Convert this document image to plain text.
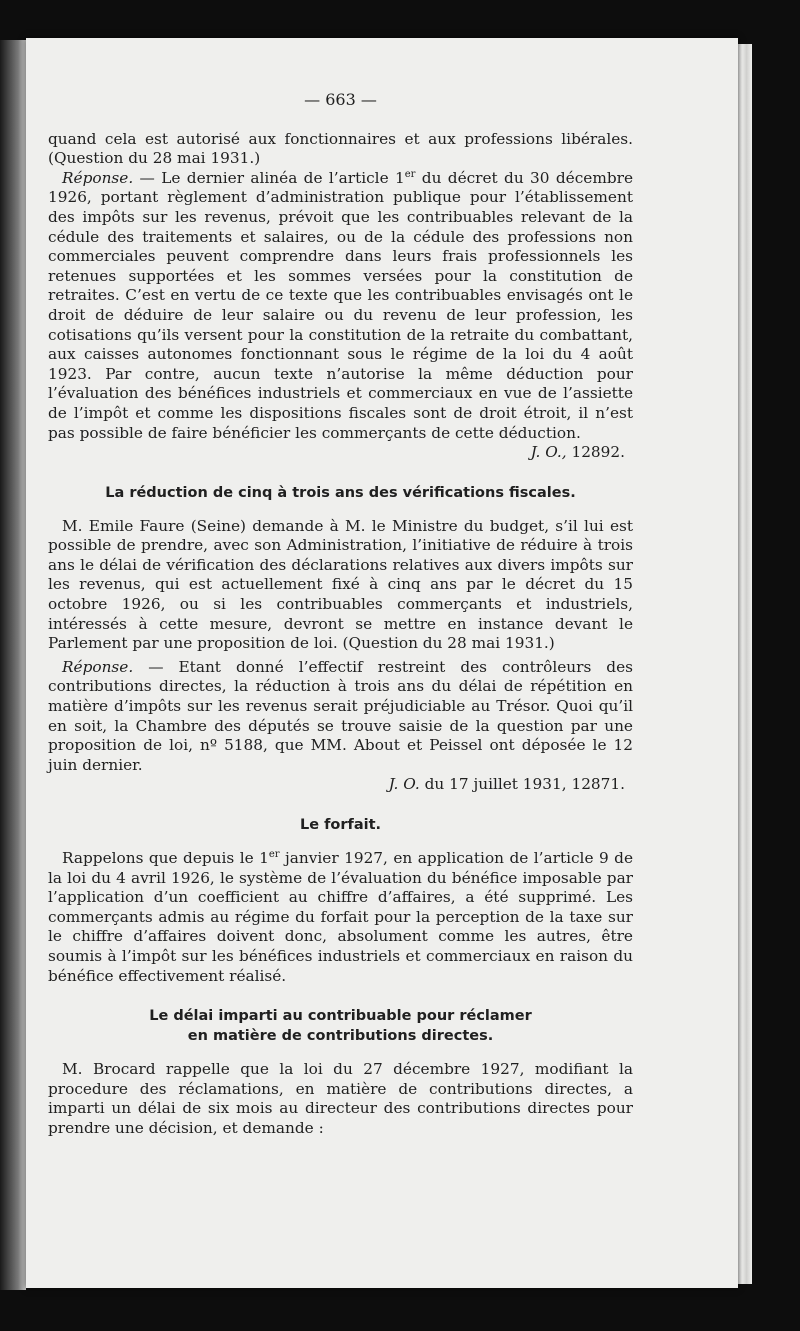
— 663 —

quand cela est autorisé aux fonctionnaires et aux professions libérales. (Question du 28 mai 1931.)

Réponse. — Le dernier alinéa de l’article 1er du décret du 30 décembre 1926, portant règlement d’administration publique pour l’établissement des impôts sur les revenus, prévoit que les contribuables relevant de la cédule des traitements et salaires, ou de la cédule des professions non commerciales peuvent comprendre dans leurs frais professionnels les retenues supportées et les sommes versées pour la constitution de retraites. C’est en vertu de ce texte que les contribuables envisagés ont le droit de déduire de leur salaire ou du revenu de leur profession, les cotisations qu’ils versent pour la constitution de la retraite du combattant, aux caisses autonomes fonctionnant sous le régime de la loi du 4 août 1923. Par contre, aucun texte n’autorise la même déduction pour l’évaluation des bénéfices industriels et commerciaux en vue de l’assiette de l’impôt et comme les dispositions fiscales sont de droit étroit, il n’est pas possible de faire bénéficier les commerçants de cette déduction.

J. O., 12892.

La réduction de cinq à trois ans des vérifications fiscales.

M. Emile Faure (Seine) demande à M. le Ministre du budget, s’il lui est possible de prendre, avec son Administration, l’initiative de réduire à trois ans le délai de vérification des déclarations relatives aux divers impôts sur les revenus, qui est actuellement fixé à cinq ans par le décret du 15 octobre 1926, ou si les contribuables commerçants et industriels, intéressés à cette mesure, devront se mettre en instance devant le Parlement par une proposition de loi. (Question du 28 mai 1931.)

Réponse. — Etant donné l’effectif restreint des contrôleurs des contributions directes, la réduction à trois ans du délai de répétition en matière d’impôts sur les revenus serait préjudiciable au Trésor. Quoi qu’il en soit, la Chambre des députés se trouve saisie de la question par une proposition de loi, nº 5188, que MM. About et Peissel ont déposée le 12 juin dernier.

J. O. du 17 juillet 1931, 12871.

Le forfait.

Rappelons que depuis le 1er janvier 1927, en application de l’article 9 de la loi du 4 avril 1926, le système de l’évaluation du bénéfice imposable par l’application d’un coefficient au chiffre d’affaires, a été supprimé. Les commerçants admis au régime du forfait pour la perception de la taxe sur le chiffre d’affaires doivent donc, absolument comme les autres, être soumis à l’impôt sur les bénéfices industriels et commerciaux en raison du bénéfice effectivement réalisé.

Le délai imparti au contribuable pour réclamer
en matière de contributions directes.

M. Brocard rappelle que la loi du 27 décembre 1927, modifiant la procedure des réclamations, en matière de contributions directes, a imparti un délai de six mois au directeur des contributions directes pour prendre une décision, et demande :
